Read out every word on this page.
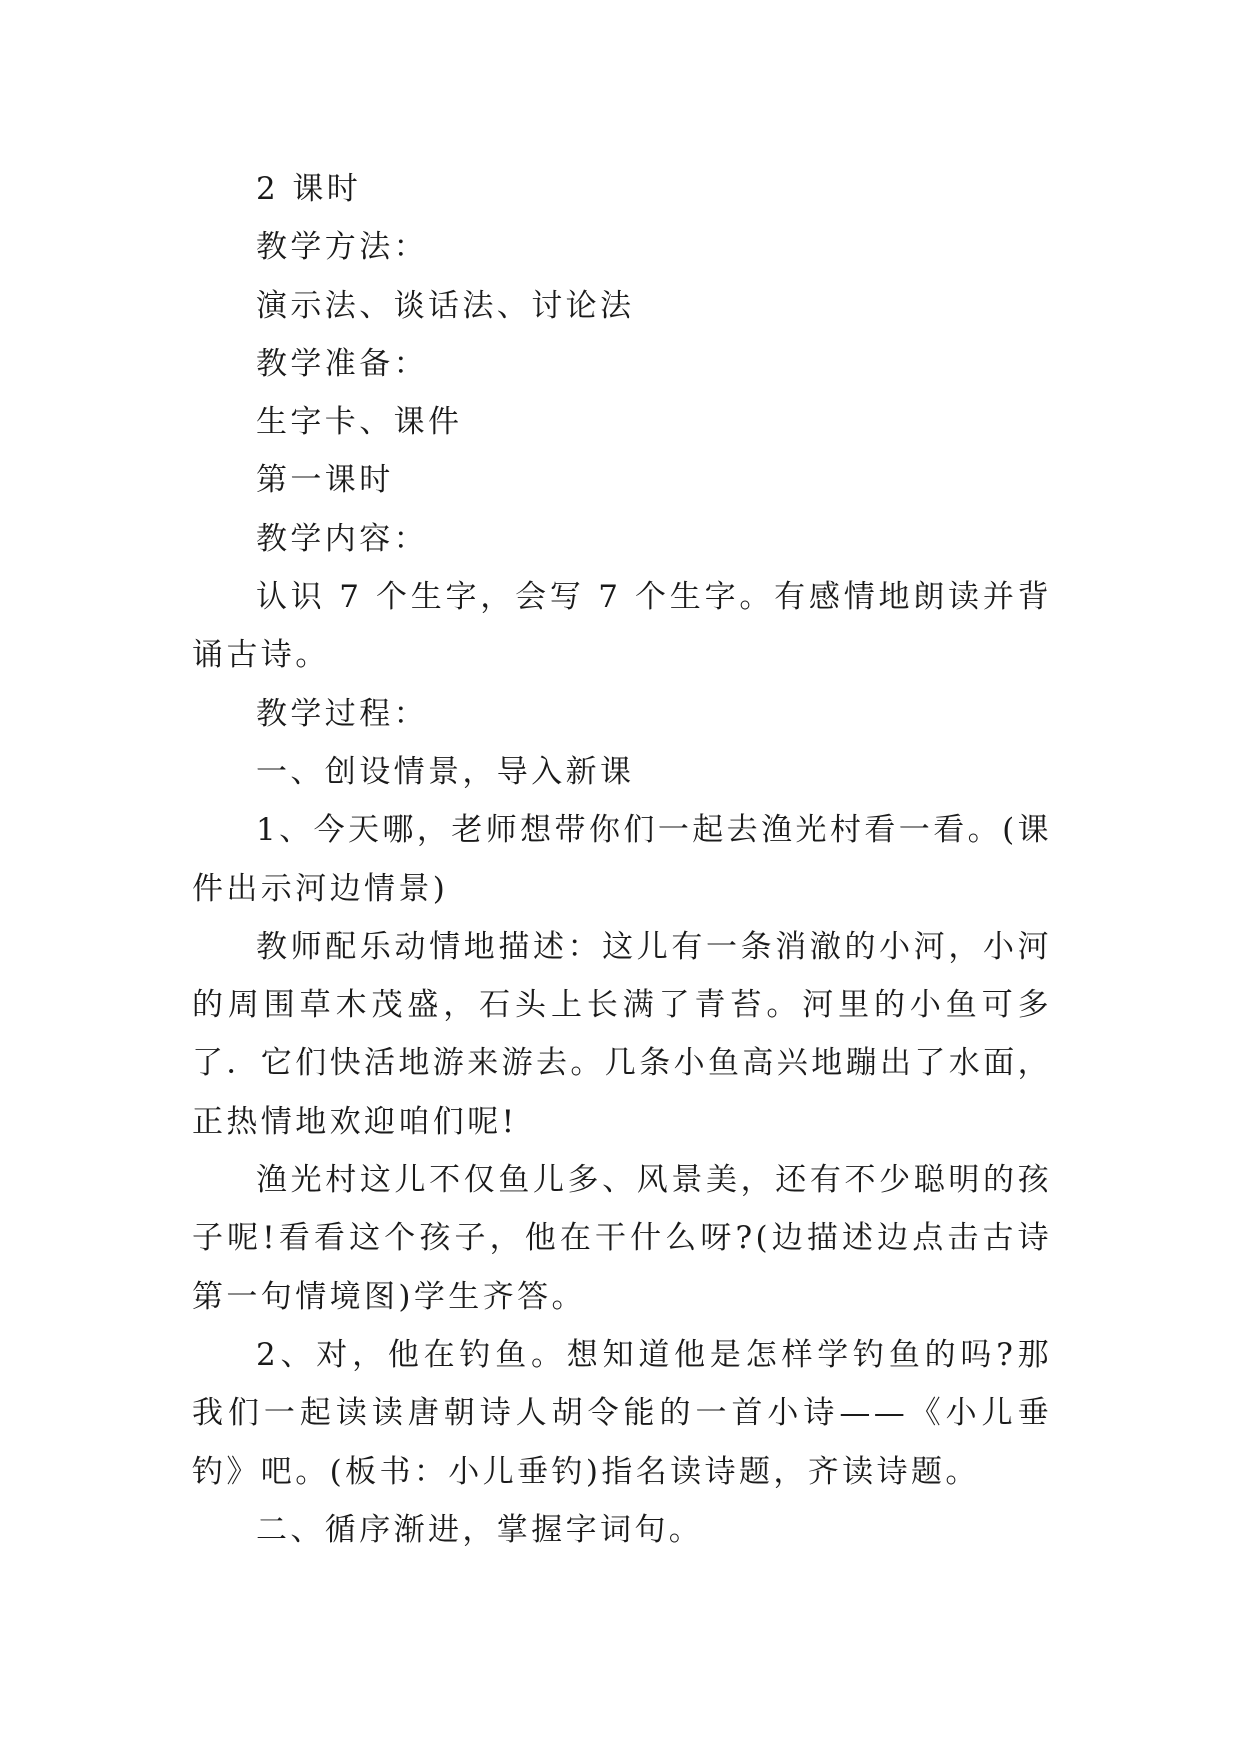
2 课时

教学方法：

演示法、谈话法、讨论法

教学准备：

生字卡、课件

第一课时

教学内容：

认识 7 个生字，会写 7 个生字。有感情地朗读并背诵古诗。

教学过程：

一、创设情景，导入新课

1、今天哪，老师想带你们一起去渔光村看一看。(课件出示河边情景)

教师配乐动情地描述：这儿有一条消澈的小河，小河的周围草木茂盛，石头上长满了青苔。河里的小鱼可多了．它们快活地游来游去。几条小鱼高兴地蹦出了水面，正热情地欢迎咱们呢!

渔光村这儿不仅鱼儿多、风景美，还有不少聪明的孩子呢!看看这个孩子，他在干什么呀?(边描述边点击古诗第一句情境图)学生齐答。

2、对，他在钓鱼。想知道他是怎样学钓鱼的吗?那我们一起读读唐朝诗人胡令能的一首小诗——《小儿垂钓》吧。(板书：小儿垂钓)指名读诗题，齐读诗题。

二、循序渐进，掌握字词句。
